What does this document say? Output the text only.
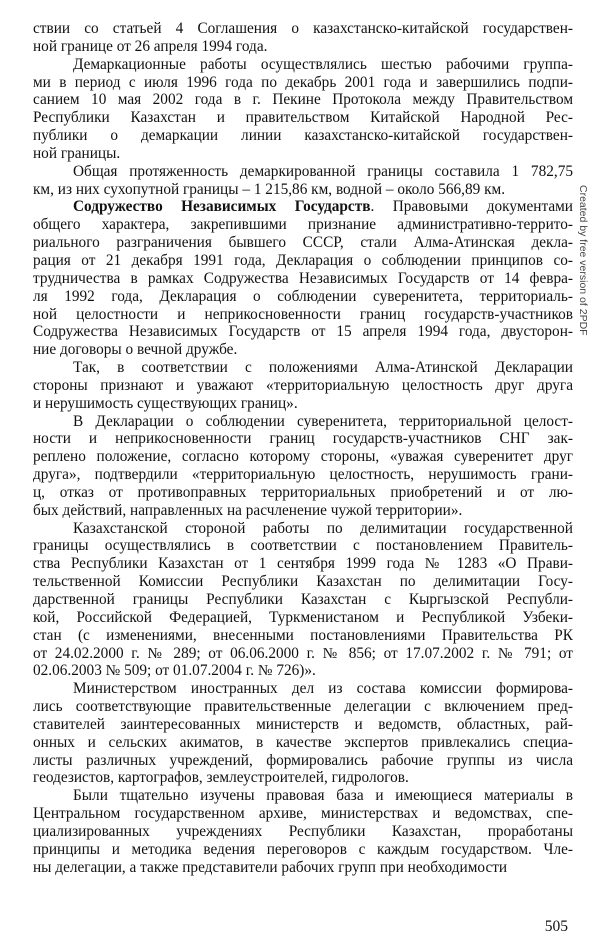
ствии со статьей 4 Соглашения о казахстанско-китайской государствен-
ной границе от 26 апреля 1994 года.

Демаркационные работы осуществлялись шестью рабочими группа-
ми в период с июля 1996 года по декабрь 2001 года и завершились подпи-
санием 10 мая 2002 года в г. Пекине Протокола между Правительством
Республики Казахстан и правительством Китайской Народной Рес-
публики о демаркации линии казахстанско-китайской государствен-
ной границы.

Общая протяженность демаркированной границы составила 1 782,75
км, из них сухопутной границы – 1 215,86 км, водной – около 566,89 км.

Содружество Независимых Государств. Правовыми документами
общего характера, закрепившими признание административно-террито-
риального разграничения бывшего СССР, стали Алма-Атинская декла-
рация от 21 декабря 1991 года, Декларация о соблюдении принципов со-
трудничества в рамках Содружества Независимых Государств от 14 февра-
ля 1992 года, Декларация о соблюдении суверенитета, территориаль-
ной целостности и неприкосновенности границ государств-участников
Содружества Независимых Государств от 15 апреля 1994 года, двусторон-
ние договоры о вечной дружбе.

Так, в соответствии с положениями Алма-Атинской Декларации
стороны признают и уважают «территориальную целостность друг друга
и нерушимость существующих границ».

В Декларации о соблюдении суверенитета, территориальной целост-
ности и неприкосновенности границ государств-участников СНГ зак-
реплено положение, согласно которому стороны, «уважая суверенитет друг
друга», подтвердили «территориальную целостность, нерушимость грани-
ц, отказ от противоправных территориальных приобретений и от лю-
бых действий, направленных на расчленение чужой территории».

Казахстанской стороной работы по делимитации государственной
границы осуществлялись в соответствии с постановлением Правитель-
ства Республики Казахстан от 1 сентября 1999 года № 1283 «О Прави-
тельственной Комиссии Республики Казахстан по делимитации Госу-
дарственной границы Республики Казахстан с Кыргызской Республи-
кой, Российской Федерацией, Туркменистаном и Республикой Узбеки-
стан (с изменениями, внесенными постановлениями Правительства РК
от 24.02.2000 г. № 289; от 06.06.2000 г. № 856; от 17.07.2002 г. № 791; от
02.06.2003 № 509; от 01.07.2004 г. № 726)».

Министерством иностранных дел из состава комиссии формирова-
лись соответствующие правительственные делегации с включением пред-
ставителей заинтересованных министерств и ведомств, областных, рай-
онных и сельских акиматов, в качестве экспертов привлекались специа-
листы различных учреждений, формировались рабочие группы из числа
геодезистов, картографов, землеустроителей, гидрологов.

Были тщательно изучены правовая база и имеющиеся материалы в
Центральном государственном архиве, министерствах и ведомствах, спе-
циализированных учреждениях Республики Казахстан, проработаны
принципы и методика ведения переговоров с каждым государством. Чле-
ны делегации, а также представители рабочих групп при необходимости

Created by free version of 2PDF
505
